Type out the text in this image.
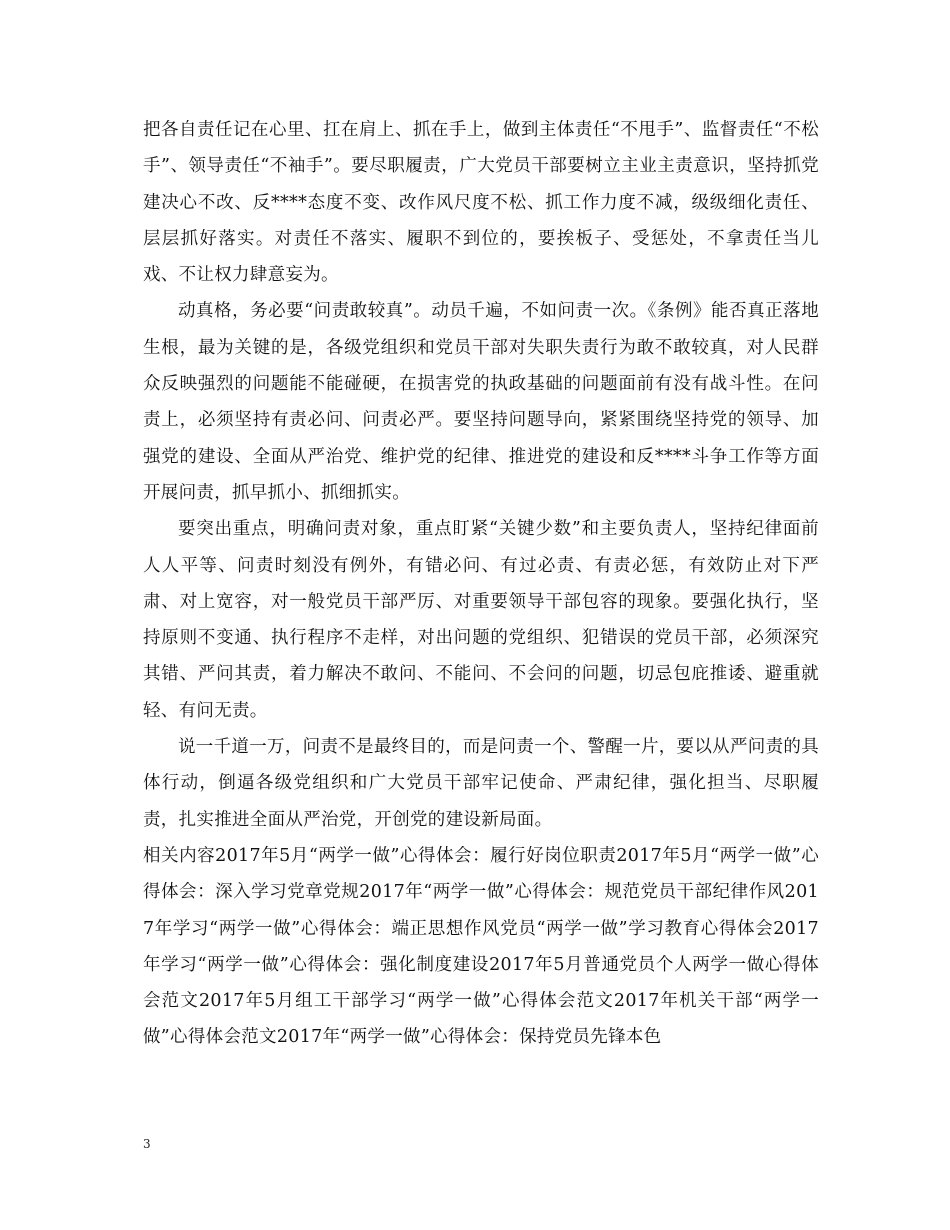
把各自责任记在心里、扛在肩上、抓在手上，做到主体责任“不甩手”、监督责任“不松手”、领导责任“不袖手”。要尽职履责，广大党员干部要树立主业主责意识，坚持抓党建决心不改、反****态度不变、改作风尺度不松、抓工作力度不减，级级细化责任、层层抓好落实。对责任不落实、履职不到位的，要挨板子、受惩处，不拿责任当儿戏、不让权力肆意妄为。

动真格，务必要“问责敢较真”。动员千遍，不如问责一次。《条例》能否真正落地生根，最为关键的是，各级党组织和党员干部对失职失责行为敢不敢较真，对人民群众反映强烈的问题能不能碰硬，在损害党的执政基础的问题面前有没有战斗性。在问责上，必须坚持有责必问、问责必严。要坚持问题导向，紧紧围绕坚持党的领导、加强党的建设、全面从严治党、维护党的纪律、推进党的建设和反****斗争工作等方面开展问责，抓早抓小、抓细抓实。

要突出重点，明确问责对象，重点盯紧“关键少数”和主要负责人，坚持纪律面前人人平等、问责时刻没有例外，有错必问、有过必责、有责必惩，有效防止对下严肃、对上宽容，对一般党员干部严厉、对重要领导干部包容的现象。要强化执行，坚持原则不变通、执行程序不走样，对出问题的党组织、犯错误的党员干部，必须深究其错、严问其责，着力解决不敢问、不能问、不会问的问题，切忌包庇推诿、避重就轻、有问无责。

说一千道一万，问责不是最终目的，而是问责一个、警醒一片，要以从严问责的具体行动，倒逼各级党组织和广大党员干部牢记使命、严肃纪律，强化担当、尽职履责，扎实推进全面从严治党，开创党的建设新局面。

相关内容2017年5月“两学一做”心得体会：履行好岗位职责2017年5月“两学一做”心得体会：深入学习党章党规2017年“两学一做”心得体会：规范党员干部纪律作风2017年学习“两学一做”心得体会：端正思想作风党员“两学一做”学习教育心得体会2017年学习“两学一做”心得体会：强化制度建设2017年5月普通党员个人两学一做心得体会范文2017年5月组工干部学习“两学一做”心得体会范文2017年机关干部“两学一做”心得体会范文2017年“两学一做”心得体会：保持党员先锋本色

3
